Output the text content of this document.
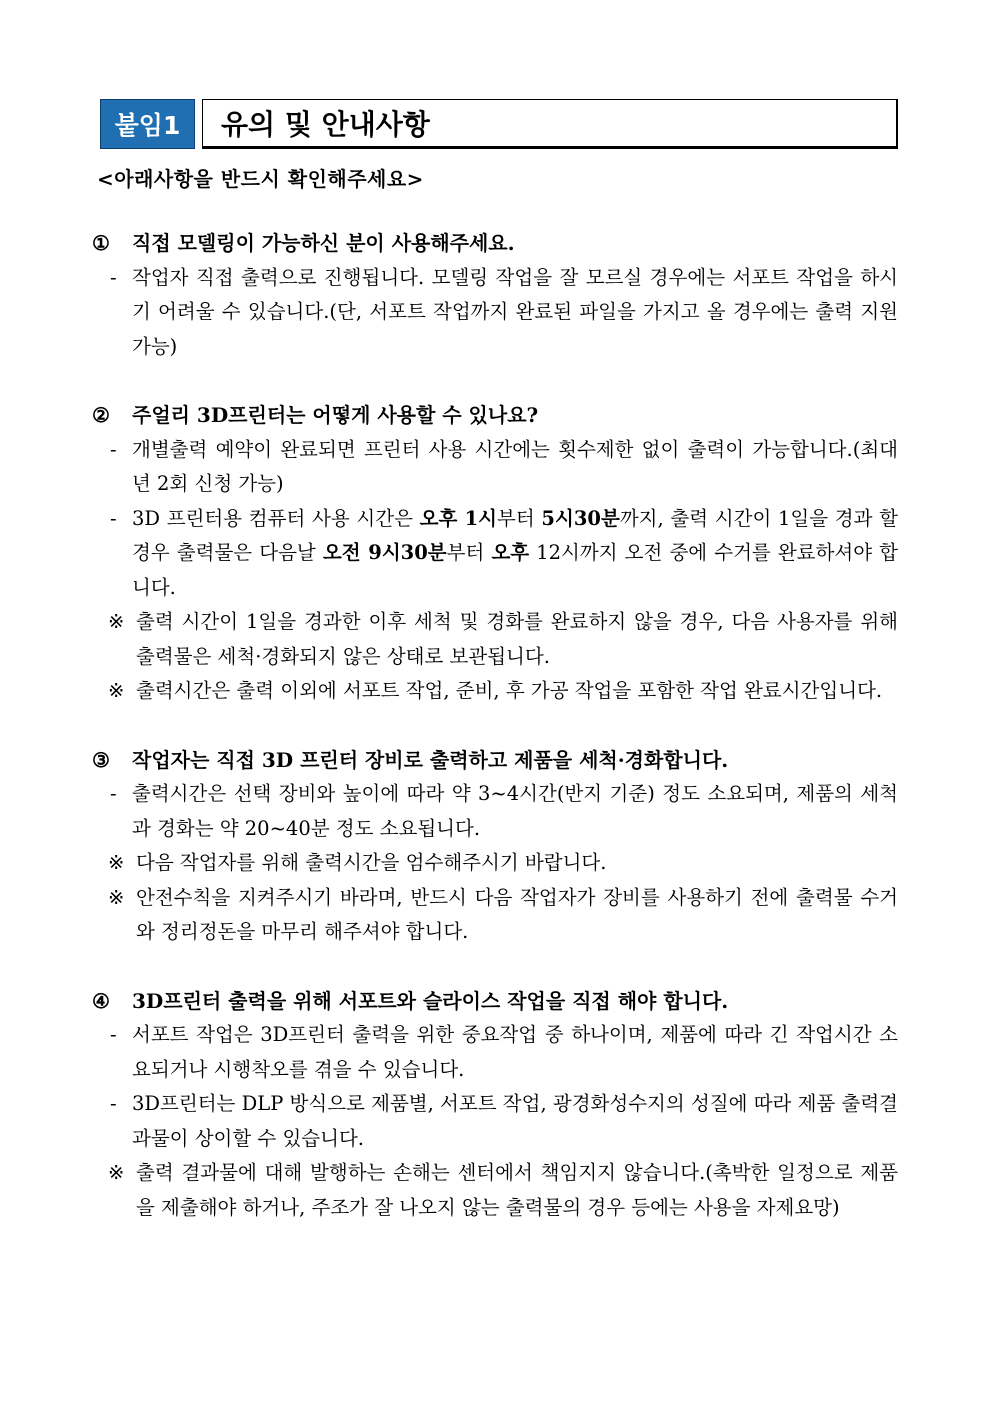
붙임1	유의 및 안내사항
<아래사항을 반드시 확인해주세요>
① 직접 모델링이 가능하신 분이 사용해주세요.
- 작업자 직접 출력으로 진행됩니다. 모델링 작업을 잘 모르실 경우에는 서포트 작업을 하시기 어려울 수 있습니다.(단, 서포트 작업까지 완료된 파일을 가지고 올 경우에는 출력 지원가능)
② 주얼리 3D프린터는 어떻게 사용할 수 있나요?
- 개별출력 예약이 완료되면 프린터 사용 시간에는 횟수제한 없이 출력이 가능합니다.(최대 년 2회 신청 가능)
- 3D 프린터용 컴퓨터 사용 시간은 오후 1시부터 5시30분까지, 출력 시간이 1일을 경과 할 경우 출력물은 다음날 오전 9시30분부터 오후 12시까지 오전 중에 수거를 완료하셔야 합니다.
※ 출력 시간이 1일을 경과한 이후 세척 및 경화를 완료하지 않을 경우, 다음 사용자를 위해 출력물은 세척·경화되지 않은 상태로 보관됩니다.
※ 출력시간은 출력 이외에 서포트 작업, 준비, 후 가공 작업을 포함한 작업 완료시간입니다.
③ 작업자는 직접 3D 프린터 장비로 출력하고 제품을 세척·경화합니다.
- 출력시간은 선택 장비와 높이에 따라 약 3~4시간(반지 기준) 정도 소요되며, 제품의 세척과 경화는 약 20~40분 정도 소요됩니다.
※ 다음 작업자를 위해 출력시간을 엄수해주시기 바랍니다.
※ 안전수칙을 지켜주시기 바라며, 반드시 다음 작업자가 장비를 사용하기 전에 출력물 수거와 정리정돈을 마무리 해주셔야 합니다.
④ 3D프린터 출력을 위해 서포트와 슬라이스 작업을 직접 해야 합니다.
- 서포트 작업은 3D프린터 출력을 위한 중요작업 중 하나이며, 제품에 따라 긴 작업시간 소요되거나 시행착오를 겪을 수 있습니다.
- 3D프린터는 DLP 방식으로 제품별, 서포트 작업, 광경화성수지의 성질에 따라 제품 출력결과물이 상이할 수 있습니다.
※ 출력 결과물에 대해 발행하는 손해는 센터에서 책임지지 않습니다.(촉박한 일정으로 제품을 제출해야 하거나, 주조가 잘 나오지 않는 출력물의 경우 등에는 사용을 자제요망)
